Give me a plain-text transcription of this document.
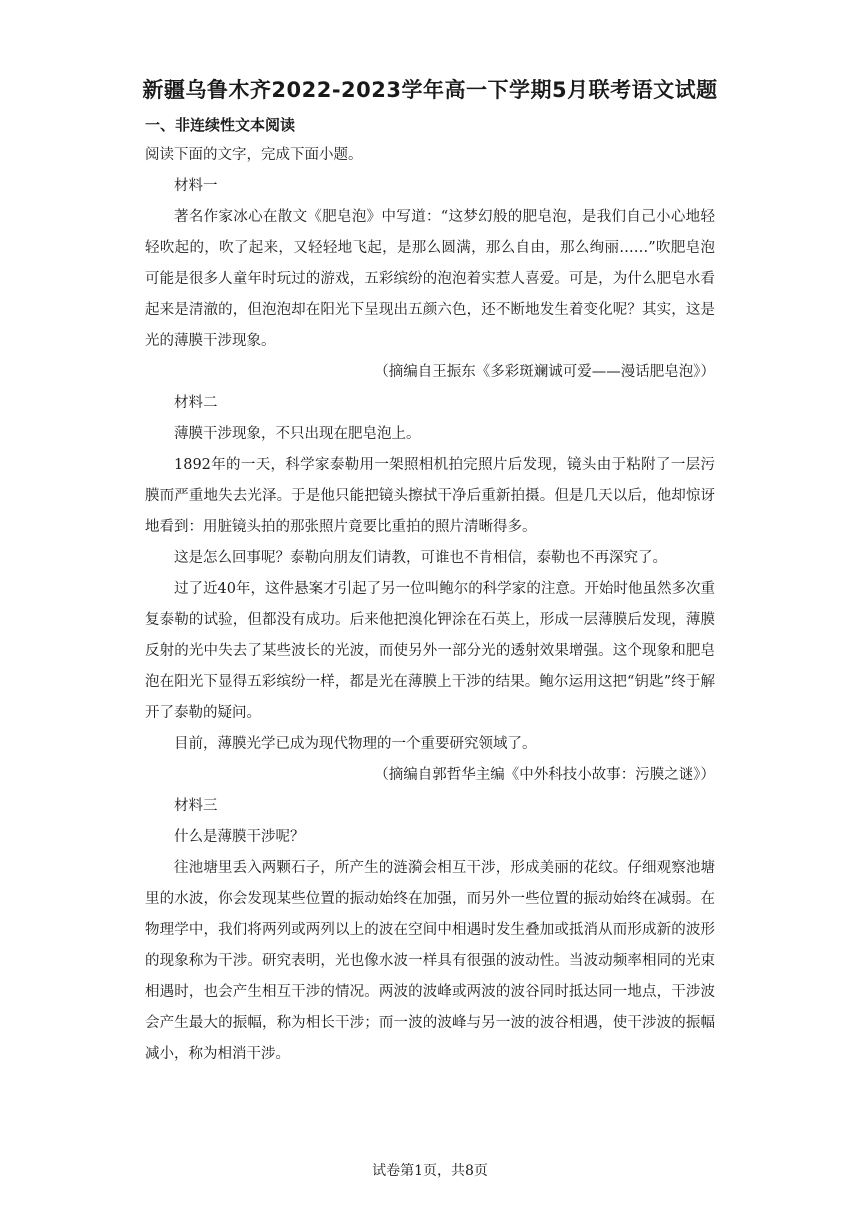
新疆乌鲁木齐2022-2023学年高一下学期5月联考语文试题
一、非连续性文本阅读

阅读下面的文字，完成下面小题。

材料一

著名作家冰心在散文《肥皂泡》中写道：“这梦幻般的肥皂泡，是我们自己小心地轻轻吹起的，吹了起来，又轻轻地飞起，是那么圆满，那么自由，那么绚丽……”吹肥皂泡可能是很多人童年时玩过的游戏，五彩缤纷的泡泡着实惹人喜爱。可是，为什么肥皂水看起来是清澈的，但泡泡却在阳光下呈现出五颜六色，还不断地发生着变化呢？其实，这是光的薄膜干涉现象。

（摘编自王振东《多彩斑斓诚可爱——漫话肥皂泡》）

材料二

薄膜干涉现象，不只出现在肥皂泡上。

1892年的一天，科学家泰勒用一架照相机拍完照片后发现，镜头由于粘附了一层污膜而严重地失去光泽。于是他只能把镜头擦拭干净后重新拍摄。但是几天以后，他却惊讶地看到：用脏镜头拍的那张照片竟要比重拍的照片清晰得多。

这是怎么回事呢？泰勒向朋友们请教，可谁也不肯相信，泰勒也不再深究了。

过了近40年，这件悬案才引起了另一位叫鲍尔的科学家的注意。开始时他虽然多次重复泰勒的试验，但都没有成功。后来他把溴化钾涂在石英上，形成一层薄膜后发现，薄膜反射的光中失去了某些波长的光波，而使另外一部分光的透射效果增强。这个现象和肥皂泡在阳光下显得五彩缤纷一样，都是光在薄膜上干涉的结果。鲍尔运用这把“钥匙”终于解开了泰勒的疑问。

目前，薄膜光学已成为现代物理的一个重要研究领域了。

（摘编自郭哲华主编《中外科技小故事：污膜之谜》）

材料三

什么是薄膜干涉呢？

往池塘里丢入两颗石子，所产生的涟漪会相互干涉，形成美丽的花纹。仔细观察池塘里的水波，你会发现某些位置的振动始终在加强，而另外一些位置的振动始终在减弱。在物理学中，我们将两列或两列以上的波在空间中相遇时发生叠加或抵消从而形成新的波形的现象称为干涉。研究表明，光也像水波一样具有很强的波动性。当波动频率相同的光束相遇时，也会产生相互干涉的情况。两波的波峰或两波的波谷同时抵达同一地点，干涉波会产生最大的振幅，称为相长干涉；而一波的波峰与另一波的波谷相遇，使干涉波的振幅减小，称为相消干涉。

试卷第1页，共8页
